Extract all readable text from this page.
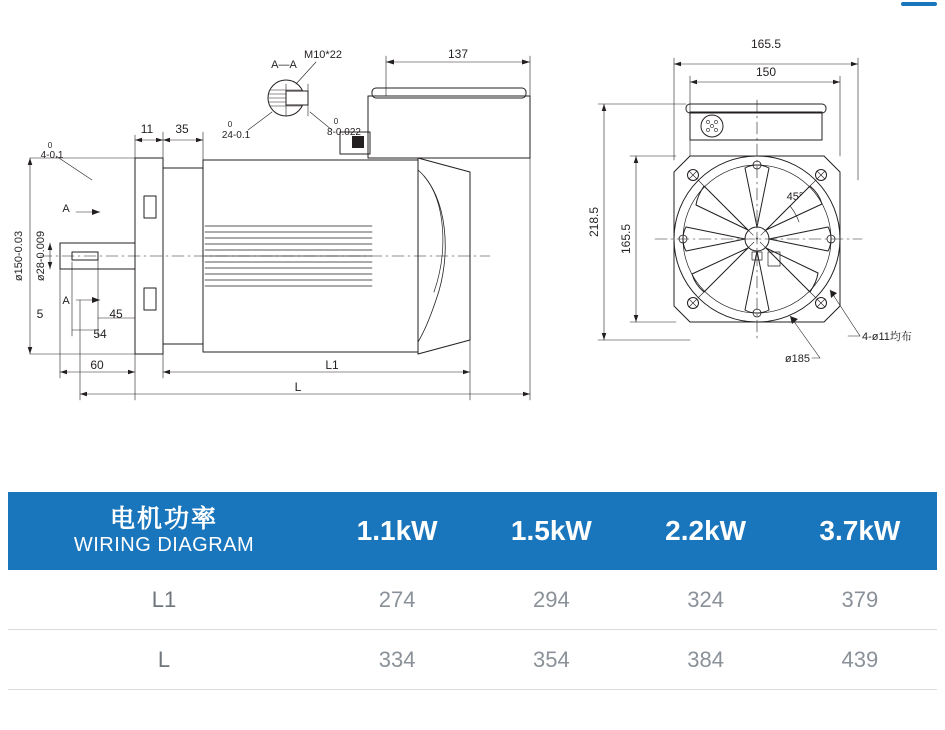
137
M10*22
A—A
8-0.022
0
24-0.1
0
11 35
4-0.1
0
ø150-0.03 ø28-0.009
5	45
54
60	L1
L
A
A
165.5
150
218.5
165.5
45°
4-ø11均布
ø185
电机功率
WIRING DIAGRAM	1.1kW	1.5kW	2.2kW	3.7kW
L1	274	294	324	379
L	334	354	384	439
